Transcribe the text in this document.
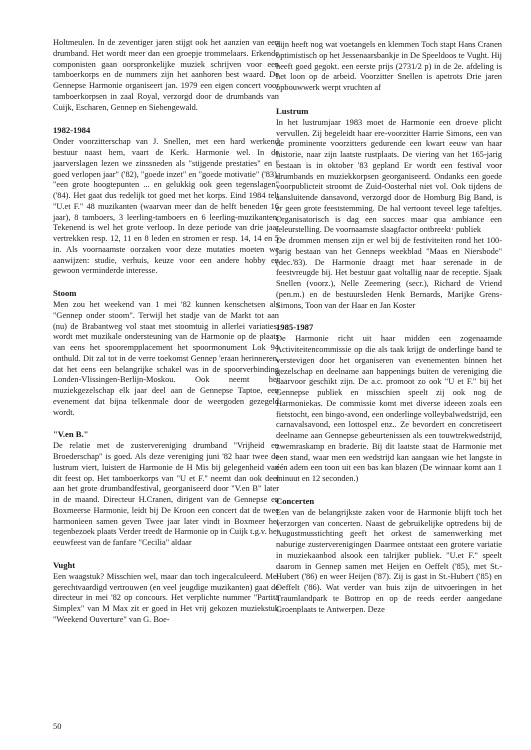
Holtmeulen. In de zeventiger jaren stijgt ook het aanzien van een drumband. Het wordt meer dan een groepje trommelaars. Erkende componisten gaan oorspronkelijke muziek schrijven voor een tamboerkorps en de nummers zijn het aanhoren best waard. De Gennepse Harmonie organiseert jan. 1979 een eigen concert voor tamboerkorpsen in zaal Royal, verzorgd door de drumbands van Cuijk, Escharen, Gennep en Siebengewald.

1982-1984

Onder voorzitterschap van J. Snellen, met een hard werkend bestuur naast hem, vaart de Kerk. Harmonie wel. In de jaarverslagen lezen we zinssneden als "stijgende prestaties" en " goed verlopen jaar" ('82), "goede inzet" en "goede motivatie" ('83), "een grote hoogtepunten ... en gelukkig ook geen tegenslagen" ('84). Het gaat dus redelijk tot goed met het korps. Eind 1984 telt "U.et F." 48 muzikanten (waarvan meer dan de helft beneden 16 jaar), 8 tamboers, 3 leerling-tamboers en 6 leerling-muzikanten. Tekenend is wel het grote verloop. In deze periode van drie jaar vertrekken resp. 12, 11 en 8 leden en stromen er resp. 14, 14 en 5 in. Als voornaamste oorzaken voor deze mutaties moeten we aanwijzen: studie, verhuis, keuze voor een andere hobby en gewoon verminderde interesse.

Stoom

Men zou het weekend van 1 mei '82 kunnen kenschetsen als "Gennep onder stoom". Terwijl het stadje van de Markt tot aan (nu) de Brabantweg vol staat met stoomtuig in allerlei variaties, wordt met muzikale ondersteuning van de Harmonie op de plaats van eens het spoorempplacement het spoormonument Lok 94 onthuld. Dit zal tot in de verre toekomst Gennep 'eraan herinneren, dat het eens een belangrijke schakel was in de spoorverbinding Londen-Vlissingen-Berlijn-Moskou. Ook neemt het muziekgezelschap elk jaar deel aan de Gennepse Taptoe, een evenement dat bijna telkenmale door de weergoden gezegeld wordt.

"V.en B."

De relatie met de zustervereniging drumband "Vrijheid en Broederschap" is goed. Als deze vereniging juni '82 haar twee de lustrum viert, luistert de Harmonie de H Mis bij gelegenheid van dit feest op. Het tamboerkorps van "U et F." neemt dan ook deel aan het grote drumbandfestival, georganiseerd door "V.en B" later in de maand. Directeur H.Cranen, dirigent van de Gennepse en Boxmeerse Harmonie, leidt bij De Kroon een concert dat de twee harmonieen samen geven Twee jaar later vindt in Boxmeer het tegenbezoek plaats Verder treedt de Harmonie op in Cuijk t.g.v. het eeuwfeest van de fanfare "Cecilia" aldaar

Vught

Een waagstuk? Misschien wel, maar dan toch ingecalculeerd. Met gerechtvaardigd vertrouwen (en veel jeugdige muzikanten) gaat de directeur in mei '82 op concours. Het verplichte nummer "Partita Simplex" van M Max zit er goed in Het vrij gekozen muziekstuk "Weekend Ouverture" van G. Boe-

dijn heeft nog wat voetangels en klemmen Toch stapt Hans Cranen optimistisch op het Jessenaarsbankje in De Speeldoos te Vught. Hij heeft goed gegokt. een eerste prijs (2731/2 p) in de 2e. afdeling is het loon op de arbeid. Voorzitter Snellen is apetrots Drie jaren opbouwwerk werpt vruchten af

Lustrum

In het lustrumjaar 1983 moet de Harmonie een droeve plicht vervullen. Zij begeleidt haar ere-voorzitter Harrie Simons, een van de prominente voorzitters gedurende een kwart eeuw van haar historie, naar zijn laatste rustplaats. De viering van het 165-jarig bestaan is in oktober '83 gepland Er wordt een festival voor drumbands en muziekkorpsen georganiseerd. Ondanks een goede voorpublicteit stroomt de Zuid-Oosterhal niet vol. Ook tijdens de aansluitende dansavond, verzorgd door de Homburg Big Band, is er geen grote feeststemming. De hal vertoont teveel lege tafeltjes. Organisatorisch is dag een succes maar qua ambiance een teleurstelling. De voornaamste slaagfactor ontbreekt· publiek

De drommen mensen zijn er wel bij de festiviteiten rond het 100-jarig bestaan van het Genneps weekblad "Maas en Niersbode" (dec.'83). De Harmonie draagt met haar serenade in de feestvreugde bij. Het bestuur gaat voltallig naar de receptie. Sjaak Snellen (voorz.), Nelle Zeemering (secr.), Richard de Vriend (pen.m.) en de bestuursleden Henk Bernards, Marijke Grens-Simons, Toon van der Haar en Jan Koster

1985-1987

De Harmonie richt uit haar midden een zogenaamde Activiteitencommissie op die als taak krijgt de onderlinge band te verstevigen door het organiseren van evenementen binnen het gezelschap en deelname aan happenings buiten de vereniging die daarvoor geschikt zijn. De a.c. promoot zo ook "U et F." bij het Gennepse publiek en misschien speelt zij ook nog de Harmoniekas. De commissie komt met diverse ideeen zoals een fietstocht, een bingo-avond, een onderlinge volleybalwedstrijd, een carnavalsavond, een lottospel enz.. Ze bevordert en concretiseert deelname aan Gennepse gebeurtenissen als een touwtrekwedstrijd, zwemraskamp en braderie. Bij dit laatste staat de Harmonie met een stand, waar men een wedstrijd kan aangaan wie het langste in één adem een toon uit een bas kan blazen (De winnaar komt aan 1 minuut en 12 seconden.)

Concerten

Een van de belangrijkste zaken voor de Harmonie blijft toch het verzorgen van concerten. Naast de gebruikelijke optredens bij de Augustmusstichting geeft het orkest de samenwerking met naburige zusterverenigingen Daarmee ontstaat een grotere variatie in muziekaanbod alsook een talrijker publiek. "U.et F." speelt daarom in Gennep samen met Heijen en Oeffelt ('85), met St.-Hubert ('86) en weer Heijen ('87). Zij is gast in St.-Hubert ('85) en Oeffelt ('86). Wat verder van huis zijn de uitvoeringen in het Traumlandpark te Bottrop en op de reeds eerder aangedane Groenplaats te Antwerpen. Deze

50
